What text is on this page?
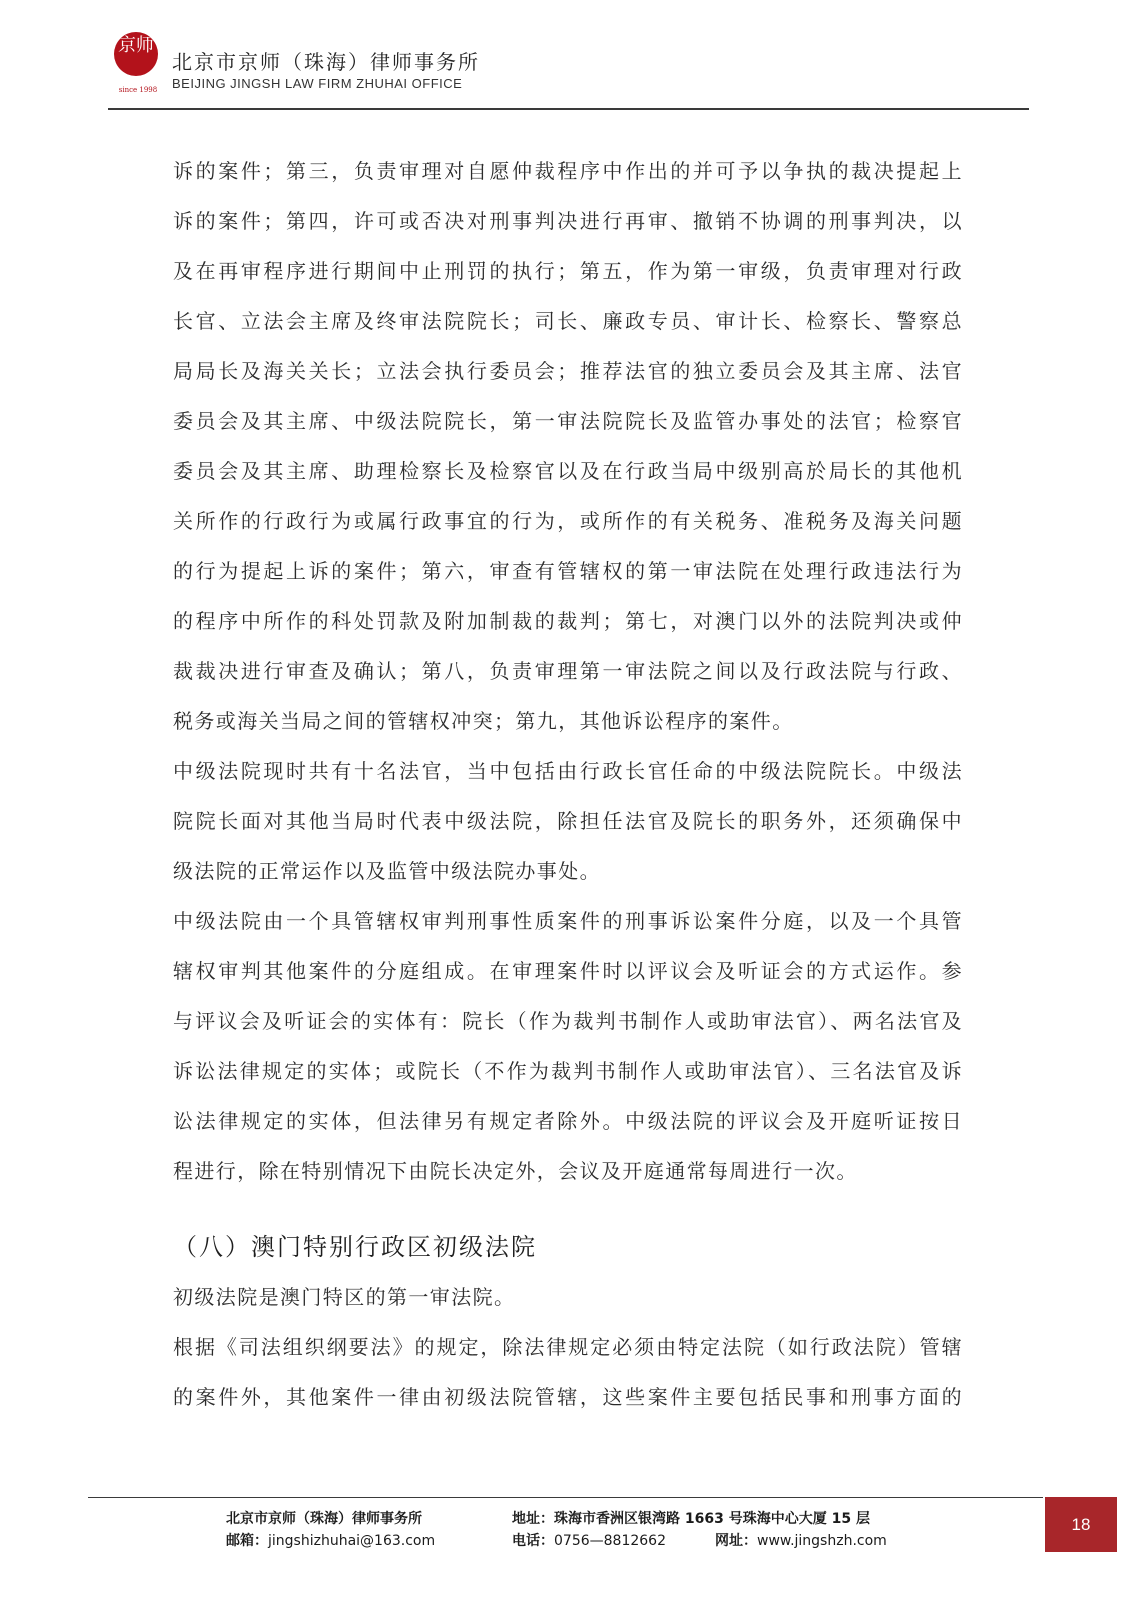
京师
since 1998
北京市京师（珠海）律师事务所
BEIJING JINGSH LAW FIRM ZHUHAI OFFICE
诉的案件；第三，负责审理对自愿仲裁程序中作出的并可予以争执的裁决提起上
诉的案件；第四，许可或否决对刑事判决进行再审、撤销不协调的刑事判决，以
及在再审程序进行期间中止刑罚的执行；第五，作为第一审级，负责审理对行政
长官、立法会主席及终审法院院长；司长、廉政专员、审计长、检察长、警察总
局局长及海关关长；立法会执行委员会；推荐法官的独立委员会及其主席、法官
委员会及其主席、中级法院院长，第一审法院院长及监管办事处的法官；检察官
委员会及其主席、助理检察长及检察官以及在行政当局中级别高於局长的其他机
关所作的行政行为或属行政事宜的行为，或所作的有关税务、准税务及海关问题
的行为提起上诉的案件；第六，审查有管辖权的第一审法院在处理行政违法行为
的程序中所作的科处罚款及附加制裁的裁判；第七，对澳门以外的法院判决或仲
裁裁决进行审查及确认；第八，负责审理第一审法院之间以及行政法院与行政、
税务或海关当局之间的管辖权冲突；第九，其他诉讼程序的案件。
中级法院现时共有十名法官，当中包括由行政长官任命的中级法院院长。中级法
院院长面对其他当局时代表中级法院，除担任法官及院长的职务外，还须确保中
级法院的正常运作以及监管中级法院办事处。
中级法院由一个具管辖权审判刑事性质案件的刑事诉讼案件分庭，以及一个具管
辖权审判其他案件的分庭组成。在审理案件时以评议会及听证会的方式运作。参
与评议会及听证会的实体有：院长（作为裁判书制作人或助审法官）、两名法官及
诉讼法律规定的实体；或院长（不作为裁判书制作人或助审法官）、三名法官及诉
讼法律规定的实体，但法律另有规定者除外。中级法院的评议会及开庭听证按日
程进行，除在特别情况下由院长决定外，会议及开庭通常每周进行一次。
（八）澳门特别行政区初级法院
初级法院是澳门特区的第一审法院。
根据《司法组织纲要法》的规定，除法律规定必须由特定法院（如行政法院）管辖
的案件外，其他案件一律由初级法院管辖，这些案件主要包括民事和刑事方面的
北京市京师（珠海）律师事务所
邮箱：jingshizhuhai@163.com
地址：珠海市香洲区银湾路 1663 号珠海中心大厦 15 层
电话：0756—8812662	网址：www.jingshzh.com
18
